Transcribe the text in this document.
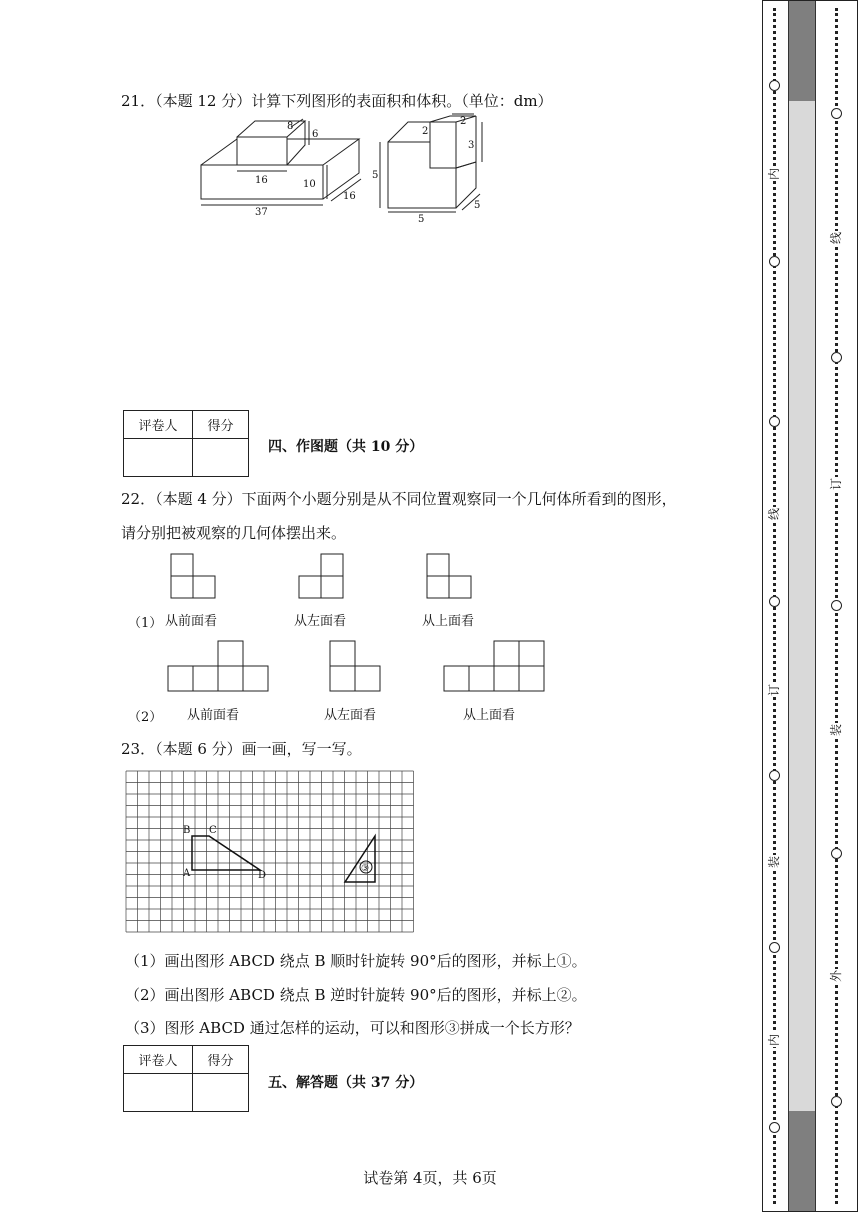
21．（本题 12 分）计算下列图形的表面积和体积。（单位：dm）
8
6
16	10
37
16
2
2
3
5
5
5
评卷人	得分

四、作图题（共 10 分）
22．（本题 4 分）下面两个小题分别是从不同位置观察同一个几何体所看到的图形，
请分别把被观察的几何体摆出来。
（1） 从前面看	从左面看	从上面看
（2） 从前面看	从左面看	从上面看
23．（本题 6 分）画一画，写一写。
B C
A	D
③
（1）画出图形 ABCD 绕点 B 顺时针旋转 90°后的图形，并标上①。
（2）画出图形 ABCD 绕点 B 逆时针旋转 90°后的图形，并标上②。
（3）图形 ABCD 通过怎样的运动，可以和图形③拼成一个长方形？
评卷人	得分

五、解答题（共 37 分）
试卷第 4页，共 6页
内
线
订
装
内
线
订
装
外
